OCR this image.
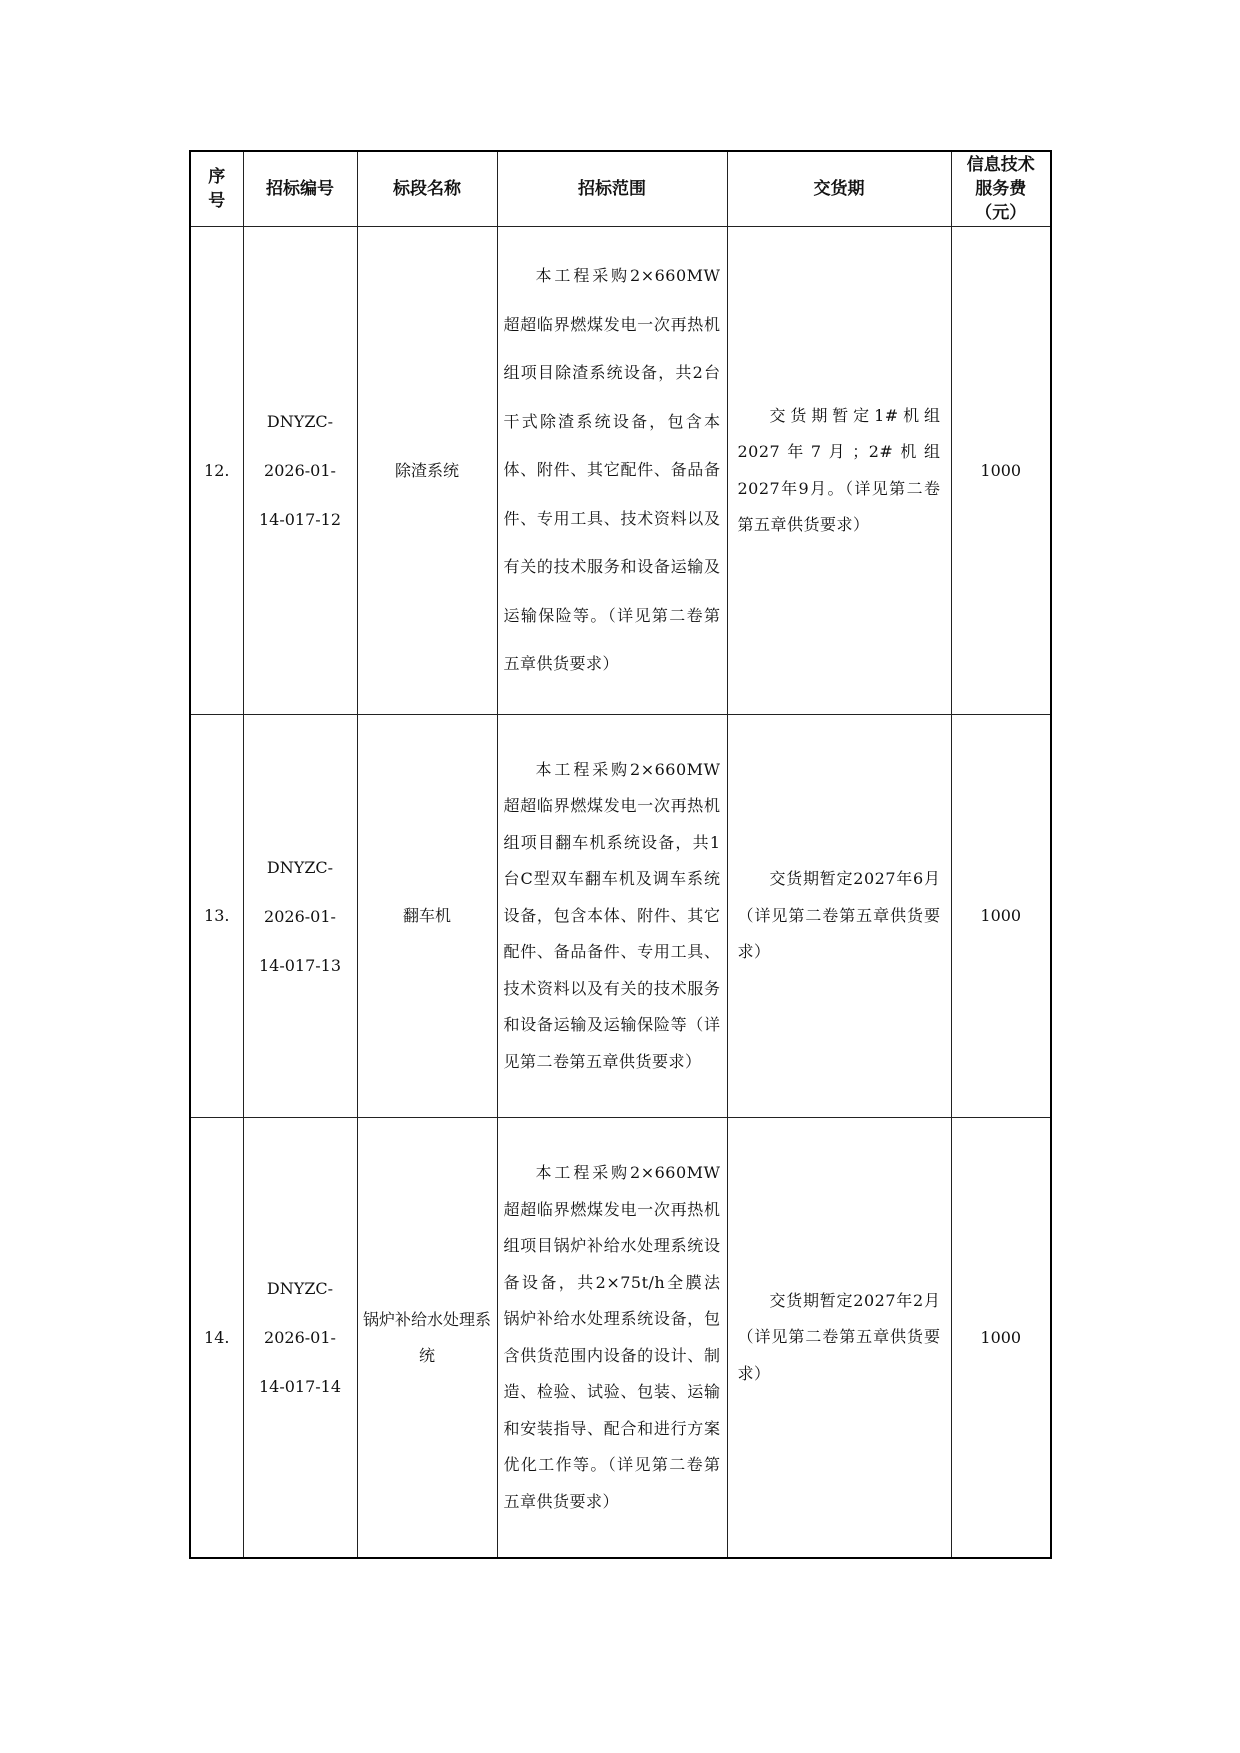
序号	招标编号	标段名称	招标范围	交货期	信息技术服务费（元）
12.	DNYZC-2026-01-14-017-12	除渣系统	本工程采购2×660MW超超临界燃煤发电一次再热机组项目除渣系统设备，共2台干式除渣系统设备，包含本体、附件、其它配件、备品备件、专用工具、技术资料以及有关的技术服务和设备运输及运输保险等。（详见第二卷第五章供货要求）	交货期暂定1#机组2027年7月；2#机组2027年9月。（详见第二卷第五章供货要求）	1000
13.	DNYZC-2026-01-14-017-13	翻车机	本工程采购2×660MW超超临界燃煤发电一次再热机组项目翻车机系统设备，共1台C型双车翻车机及调车系统设备，包含本体、附件、其它配件、备品备件、专用工具、技术资料以及有关的技术服务和设备运输及运输保险等（详见第二卷第五章供货要求）	交货期暂定2027年6月（详见第二卷第五章供货要求）	1000
14.	DNYZC-2026-01-14-017-14	锅炉补给水处理系统	本工程采购2×660MW超超临界燃煤发电一次再热机组项目锅炉补给水处理系统设备设备，共2×75t/h全膜法锅炉补给水处理系统设备，包含供货范围内设备的设计、制造、检验、试验、包装、运输和安装指导、配合和进行方案优化工作等。（详见第二卷第五章供货要求）	交货期暂定2027年2月（详见第二卷第五章供货要求）	1000
